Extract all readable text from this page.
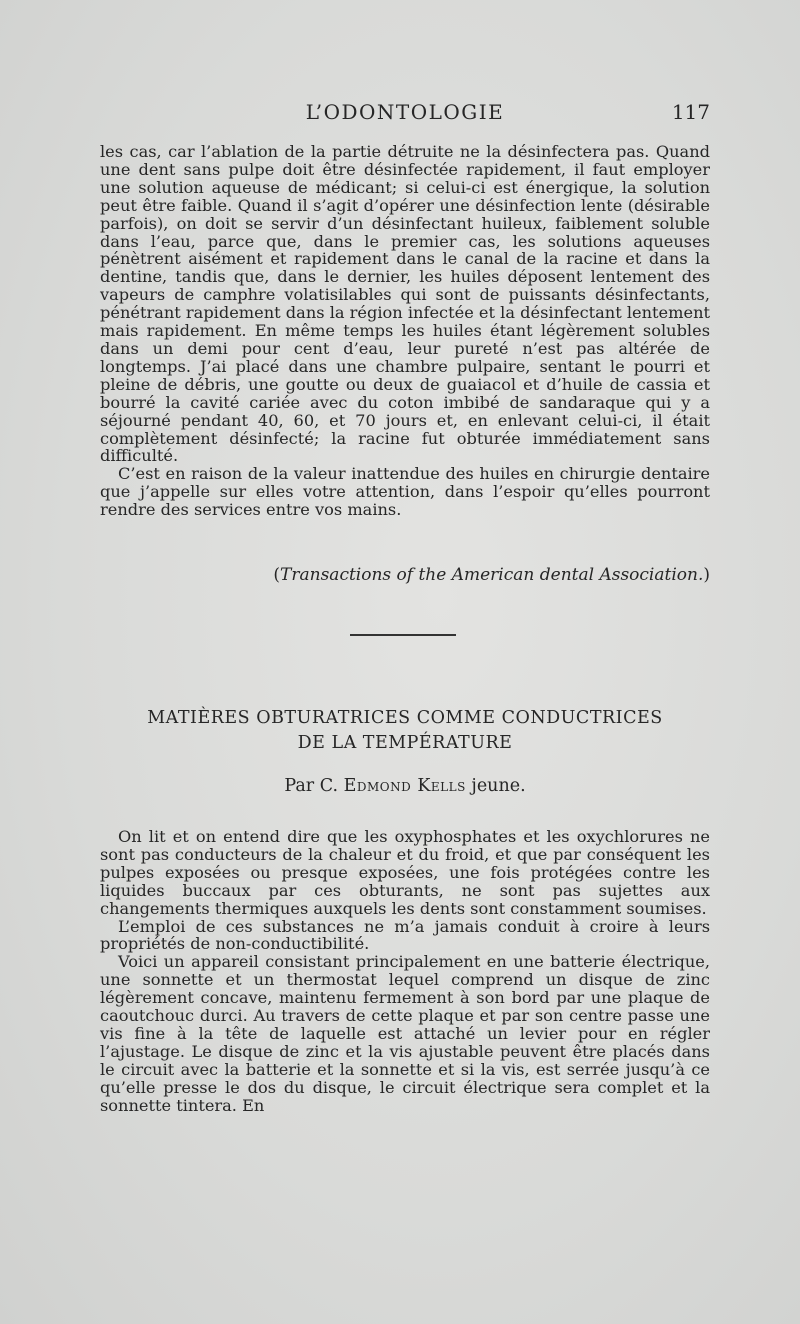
L’ODONTOLOGIE	117

les cas, car l’ablation de la partie détruite ne la désinfectera pas. Quand une dent sans pulpe doit être désinfectée rapidement, il faut employer une solution aqueuse de médicant; si celui-ci est énergique, la solution peut être faible. Quand il s’agit d’opérer une désinfection lente (désirable parfois), on doit se servir d’un désinfectant huileux, faiblement soluble dans l’eau, parce que, dans le premier cas, les solutions aqueuses pénètrent aisément et rapidement dans le canal de la racine et dans la dentine, tandis que, dans le dernier, les huiles déposent lentement des vapeurs de camphre volatisilables qui sont de puissants désinfectants, pénétrant rapidement dans la région infectée et la désinfectant lentement mais rapidement. En même temps les huiles étant légèrement solubles dans un demi pour cent d’eau, leur pureté n’est pas altérée de longtemps. J’ai placé dans une chambre pulpaire, sentant le pourri et pleine de débris, une goutte ou deux de guaiacol et d’huile de cassia et bourré la cavité cariée avec du coton imbibé de sandaraque qui y a séjourné pendant 40, 60, et 70 jours et, en enlevant celui-ci, il était complètement désinfecté; la racine fut obturée immédiatement sans difficulté.

C’est en raison de la valeur inattendue des huiles en chirurgie dentaire que j’appelle sur elles votre attention, dans l’espoir qu’elles pourront rendre des services entre vos mains.

(Transactions of the American dental Association.)
MATIÈRES OBTURATRICES COMME CONDUCTRICES
DE LA TEMPÉRATURE
Par C. Edmond Kells jeune.

On lit et on entend dire que les oxyphosphates et les oxychlorures ne sont pas conducteurs de la chaleur et du froid, et que par conséquent les pulpes exposées ou presque exposées, une fois protégées contre les liquides buccaux par ces obturants, ne sont pas sujettes aux changements thermiques auxquels les dents sont constamment soumises.

L’emploi de ces substances ne m’a jamais conduit à croire à leurs propriétés de non-conductibilité.

Voici un appareil consistant principalement en une batterie électrique, une sonnette et un thermostat lequel comprend un disque de zinc légèrement concave, maintenu fermement à son bord par une plaque de caoutchouc durci. Au travers de cette plaque et par son centre passe une vis fine à la tête de laquelle est attaché un levier pour en régler l’ajustage. Le disque de zinc et la vis ajustable peuvent être placés dans le circuit avec la batterie et la sonnette et si la vis, est serrée jusqu’à ce qu’elle presse le dos du disque, le circuit électrique sera complet et la sonnette tintera. En
